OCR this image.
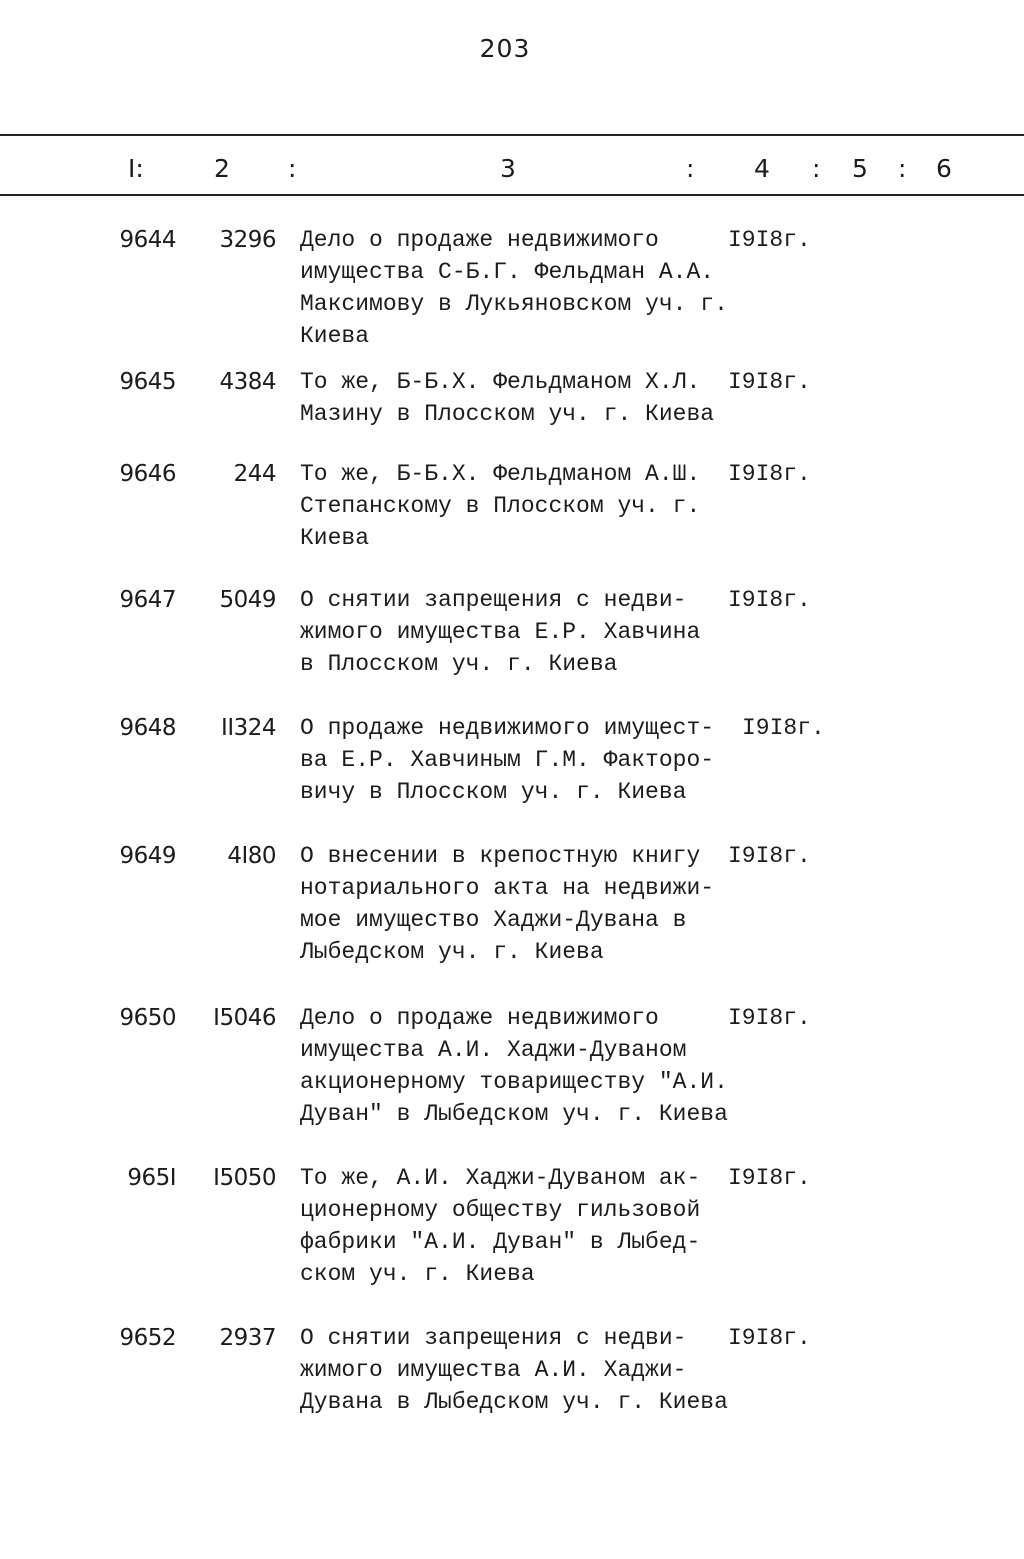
203
I:	2 :	3	: 4 : 5 : 6
9644	3296 Дело о продаже недвижимого
имущества С-Б.Г. Фельдман А.А.
Максимову в Лукьяновском уч. г.
Киева
I9I8г.
9645	4384 То же, Б-Б.Х. Фельдманом Х.Л.
Мазину в Плосском уч. г. Киева
I9I8г.
9646	244 То же, Б-Б.Х. Фельдманом А.Ш.
Степанскому в Плосском уч. г.
Киева
I9I8г.
9647	5049 О снятии запрещения с недви-
жимого имущества Е.Р. Хавчина
в Плосском уч. г. Киева
I9I8г.
9648	II324 О продаже недвижимого имущест-
ва Е.Р. Хавчиным Г.М. Факторо-
вичу в Плосском уч. г. Киева
I9I8г.
9649	4I80 О внесении в крепостную книгу
нотариального акта на недвижи-
мое имущество Хаджи-Дувана в
Лыбедском уч. г. Киева
I9I8г.
9650	I5046 Дело о продаже недвижимого
имущества А.И. Хаджи-Дуваном
акционерному товариществу "А.И.
Дуван" в Лыбедском уч. г. Киева
I9I8г.
965I	I5050 То же, А.И. Хаджи-Дуваном ак-
ционерному обществу гильзовой
фабрики "А.И. Дуван" в Лыбед-
ском уч. г. Киева
I9I8г.
9652	2937 О снятии запрещения с недви-
жимого имущества А.И. Хаджи-
Дувана в Лыбедском уч. г. Киева
I9I8г.
